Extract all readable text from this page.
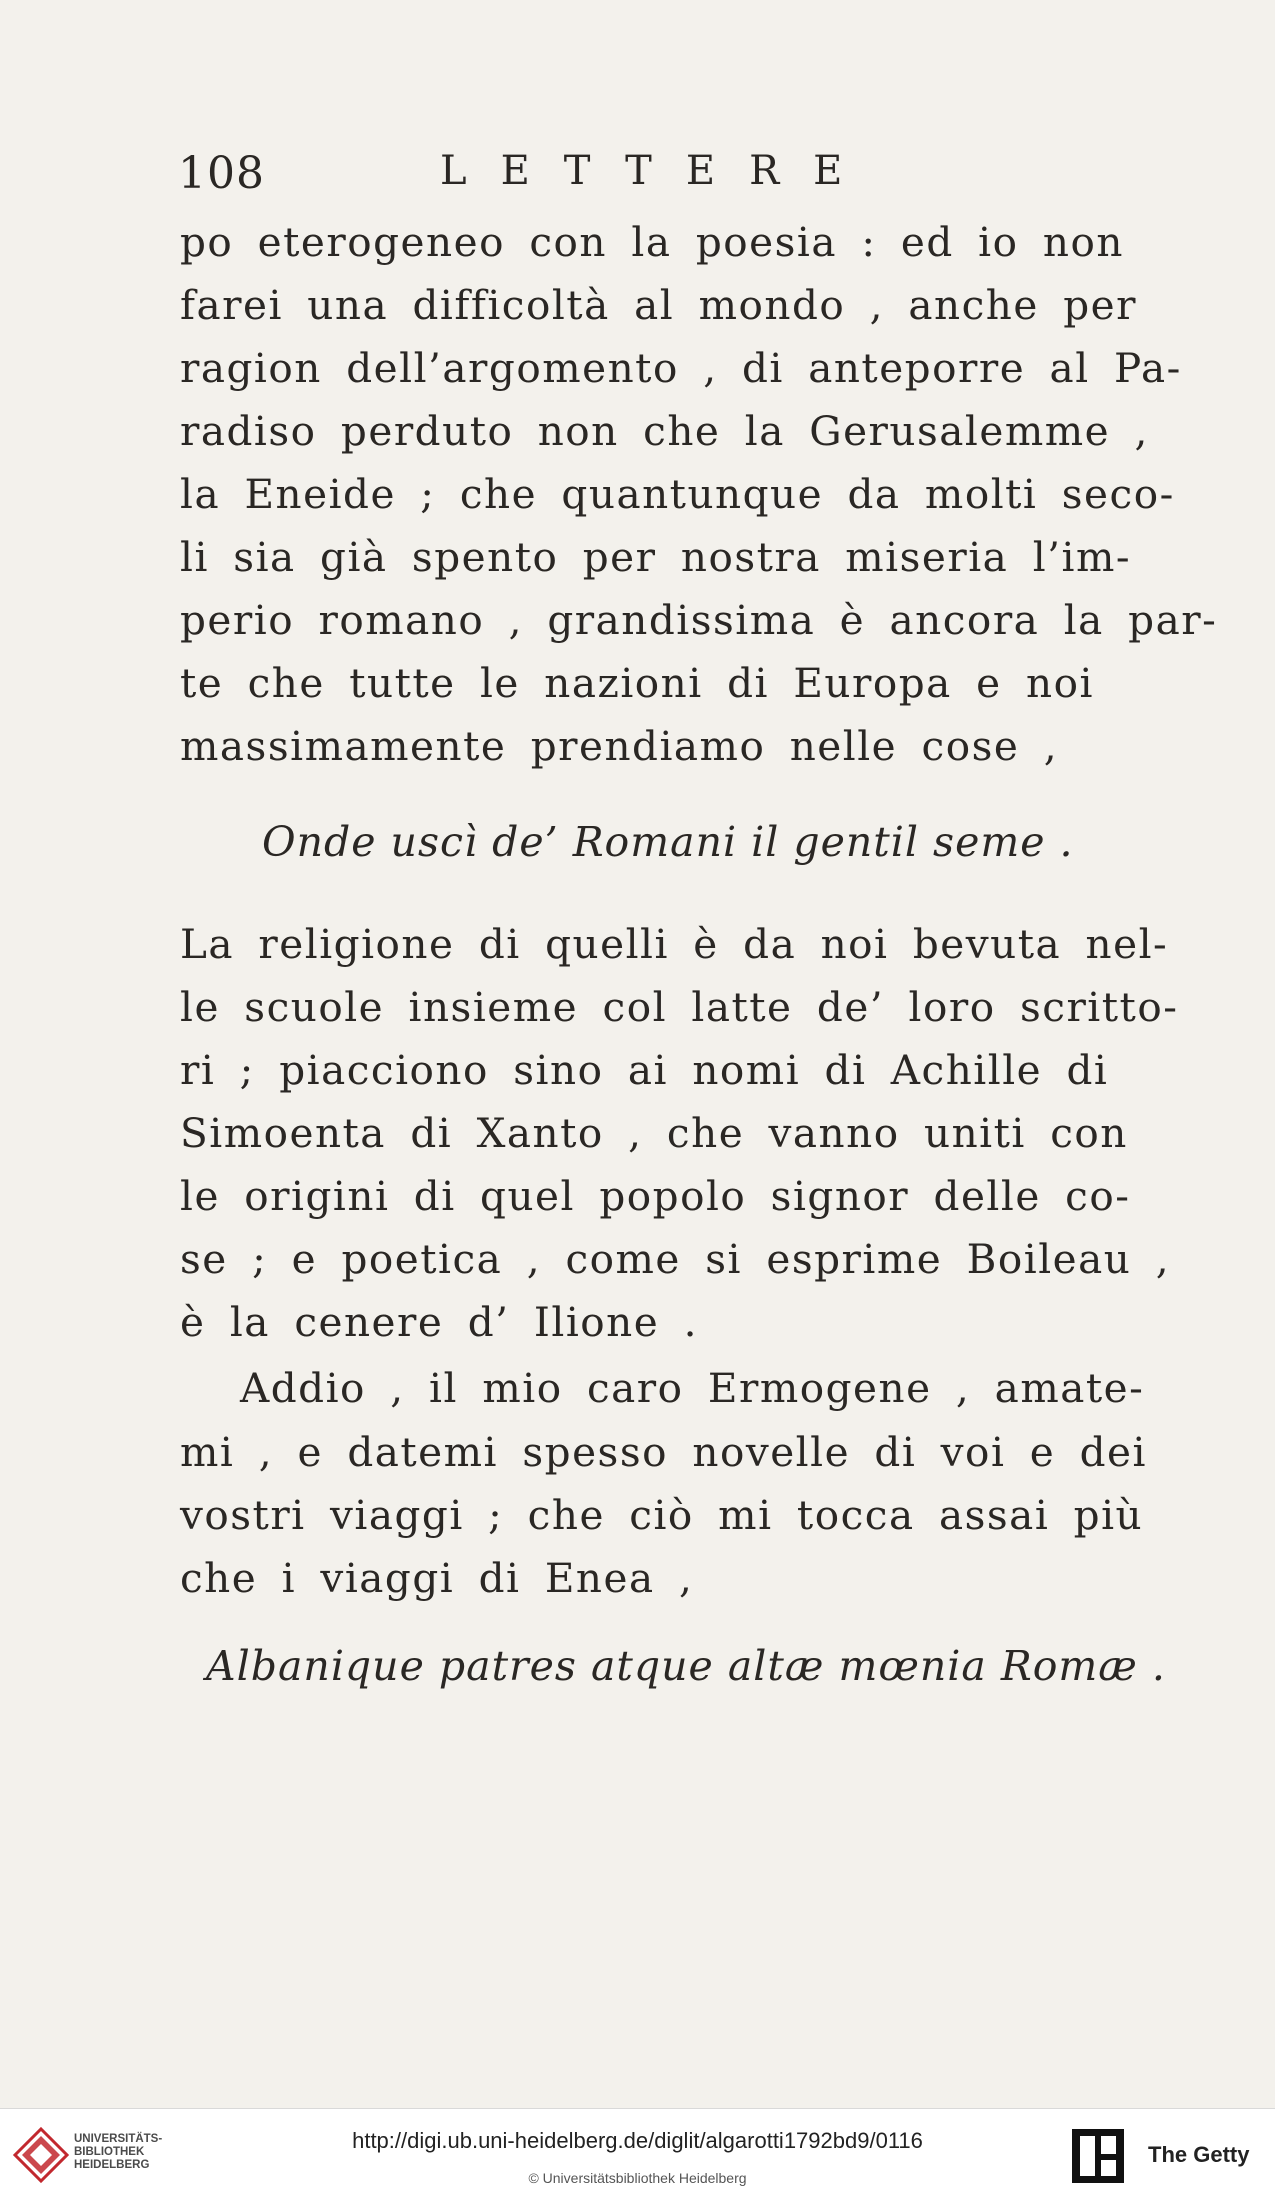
108	LETTERE
po eterogeneo con la poesia : ed io non
farei una difficoltà al mondo , anche per
ragion dell’argomento , di anteporre al Pa-
radiso perduto non che la Gerusalemme ,
la Eneide ; che quantunque da molti seco-
li sia già spento per nostra miseria l’im-
perio romano , grandissima è ancora la par-
te che tutte le nazioni di Europa e noi
massimamente prendiamo nelle cose ,
Onde uscì de’ Romani il gentil seme .
La religione di quelli è da noi bevuta nel-
le scuole insieme col latte de’ loro scritto-
ri ; piacciono sino ai nomi di Achille di
Simoenta di Xanto , che vanno uniti con
le origini di quel popolo signor delle co-
se ; e poetica , come si esprime Boileau ,
è la cenere d’ Ilione .
Addio , il mio caro Ermogene , amate-
mi , e datemi spesso novelle di voi e dei
vostri viaggi ; che ciò mi tocca assai più
che i viaggi di Enea ,
Albanique patres atque altæ mœnia Romæ .
UNIVERSITÄTS-
BIBLIOTHEK
HEIDELBERG
http://digi.ub.uni-heidelberg.de/diglit/algarotti1792bd9/0116
© Universitätsbibliothek Heidelberg
The Getty
